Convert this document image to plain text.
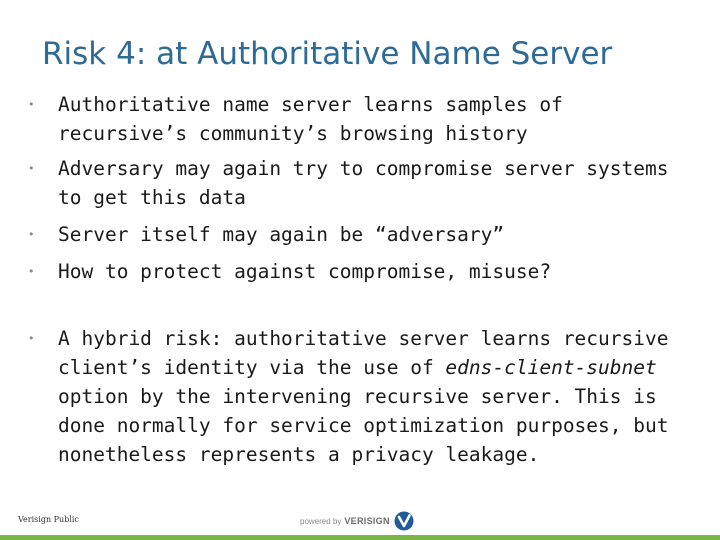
Risk 4: at Authoritative Name Server
• Authoritative name server learns samples of recursive’s community’s browsing history
• Adversary may again try to compromise server systems to get this data
• Server itself may again be “adversary”
• How to protect against compromise, misuse?
• A hybrid risk: authoritative server learns recursive client’s identity via the use of edns-client-subnet option by the intervening recursive server. This is done normally for service optimization purposes, but nonetheless represents a privacy leakage.
Verisign Public	powered by VERISIGN
